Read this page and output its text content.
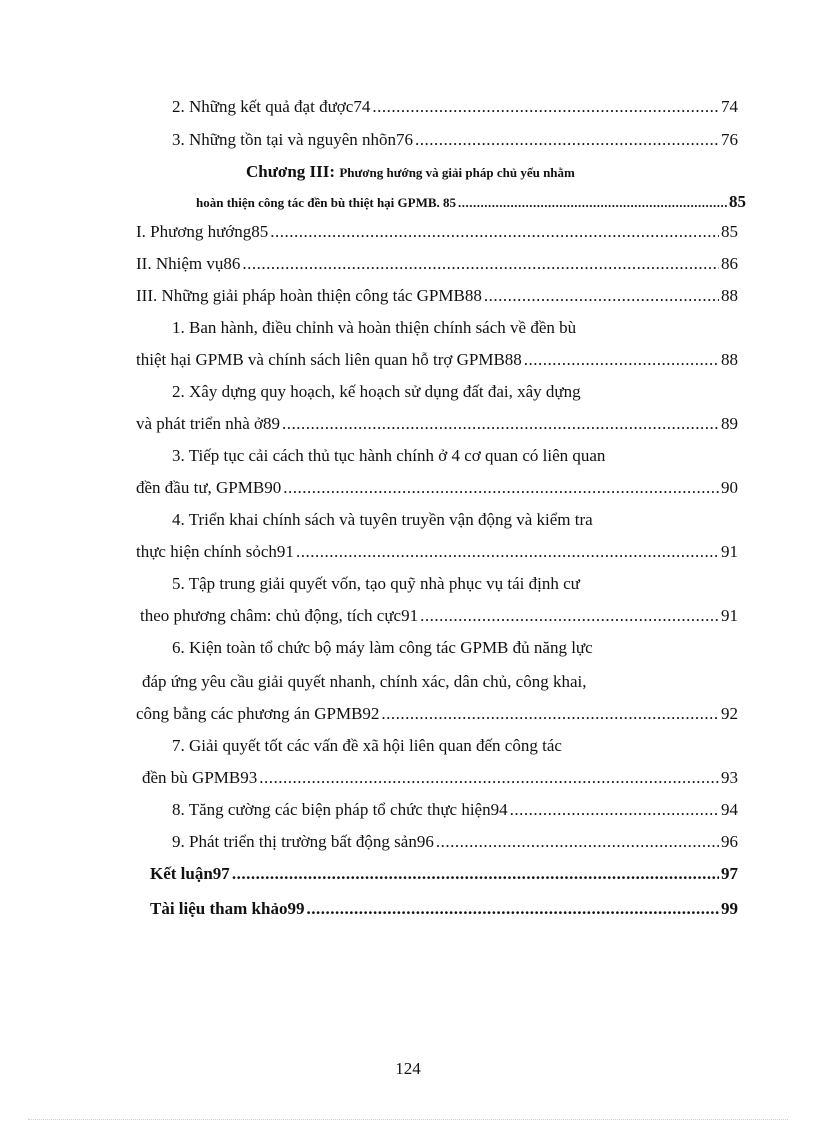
2. Những kết quả đạt được74 .....	74
3. Những tồn tại và nguyên nhõn76 .....	76
Chương III: Phương hướng và giải pháp chủ yếu nhằm
hoàn thiện công tác đền bù thiệt hại GPMB. 85 .....	85
I. Phương hướng85 .....	85
II. Nhiệm vụ86 .....	86
III. Những giải pháp hoàn thiện công tác GPMB88 .....	88
1. Ban hành, điều chỉnh và hoàn thiện chính sách về đền bù
thiệt hại GPMB và chính sách liên quan hỗ trợ GPMB88 .....	88
2. Xây dựng quy hoạch, kế hoạch sử dụng đất đai, xây dựng
và phát triển nhà ở89 .....	89
3. Tiếp tục cải cách thủ tục hành chính ở 4 cơ quan có liên quan
đền đầu tư, GPMB90 .....	90
4. Triển khai chính sách và tuyên truyền vận động và kiểm tra
thực hiện chính sỏch91 .....	91
5. Tập trung giải quyết vốn, tạo quỹ nhà phục vụ tái định cư
theo phương châm: chủ động, tích cực91 .....	91
6. Kiện toàn tổ chức bộ máy làm công tác GPMB đủ năng lực
đáp ứng yêu cầu giải quyết nhanh, chính xác, dân chủ, công khai,
công bằng các phương án GPMB92 .....	92
7. Giải quyết tốt các vấn đề xã hội liên quan đến công tác
đền bù GPMB93 .....	93
8. Tăng cường các biện pháp tổ chức thực hiện94 .....	94
9. Phát triển thị trường bất động sản96 .....	96
Kết luận97 .....	97
Tài liệu tham khảo99 .....	99
124
